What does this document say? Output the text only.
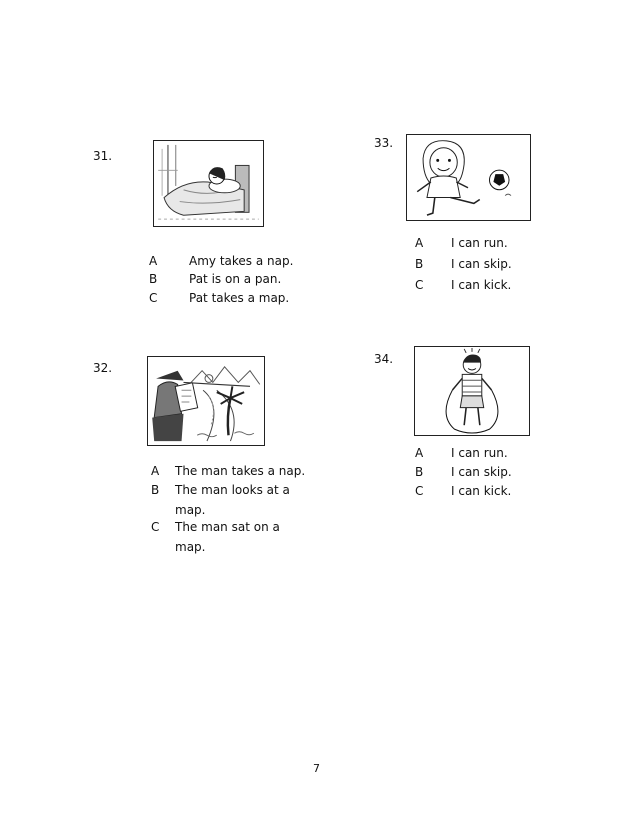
31.
A	Amy takes a nap.
B	Pat is on a pan.
C	Pat takes a map.
32.
A The man takes a nap.
B The man looks at a
map.
C The man sat on a
map.
33.
A I can run.
B I can skip.
C I can kick.
34.
A I can run.
B I can skip.
C I can kick.
7
